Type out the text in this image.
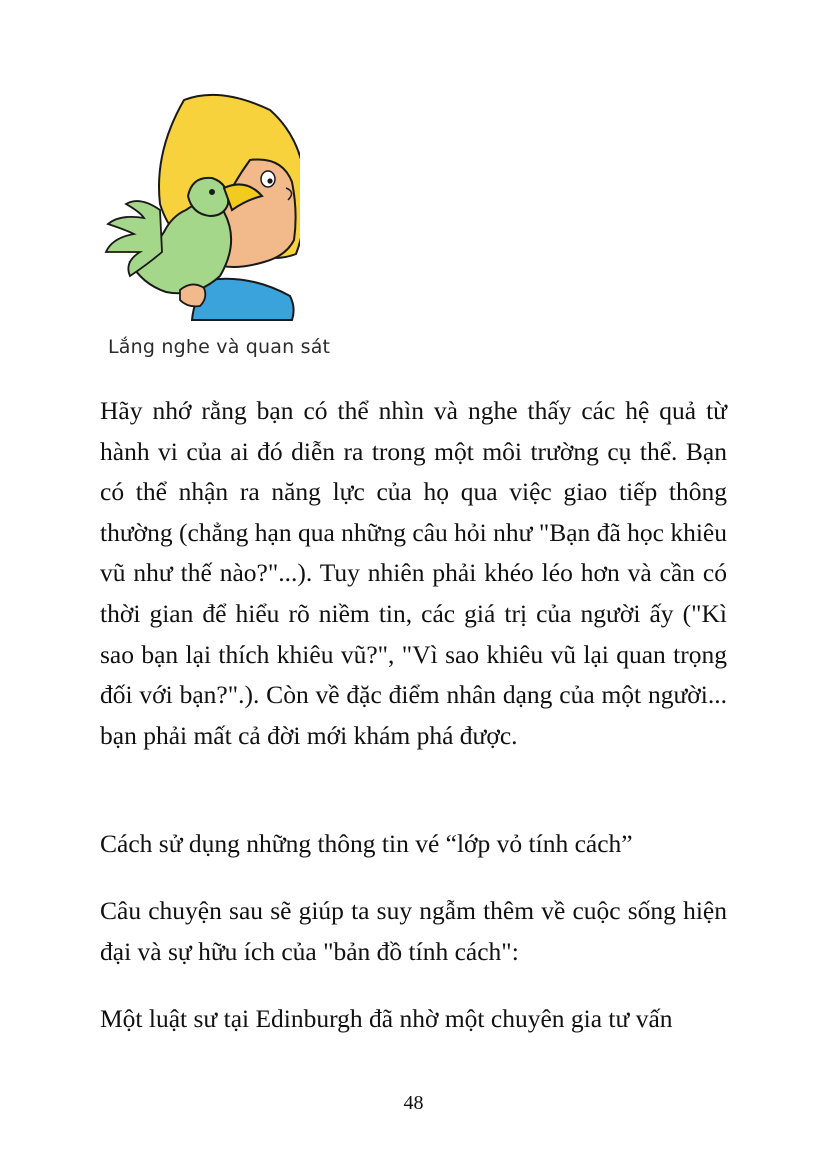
Lắng nghe và quan sát

Hãy nhớ rằng bạn có thể nhìn và nghe thấy các hệ quả từ hành vi của ai đó diễn ra trong một môi trường cụ thể. Bạn có thể nhận ra năng lực của họ qua việc giao tiếp thông thường (chẳng hạn qua những câu hỏi như "Bạn đã học khiêu vũ như thế nào?"...). Tuy nhiên phải khéo léo hơn và cần có thời gian để hiểu rõ niềm tin, các giá trị của người ấy ("Kì sao bạn lại thích khiêu vũ?", "Vì sao khiêu vũ lại quan trọng đối với bạn?".). Còn về đặc điểm nhân dạng của một người... bạn phải mất cả đời mới khám phá được.

Cách sử dụng những thông tin vé “lớp vỏ tính cách”

Câu chuyện sau sẽ giúp ta suy ngẫm thêm về cuộc sống hiện đại và sự hữu ích của "bản đồ tính cách":

Một luật sư tại Edinburgh đã nhờ một chuyên gia tư vấn

48
